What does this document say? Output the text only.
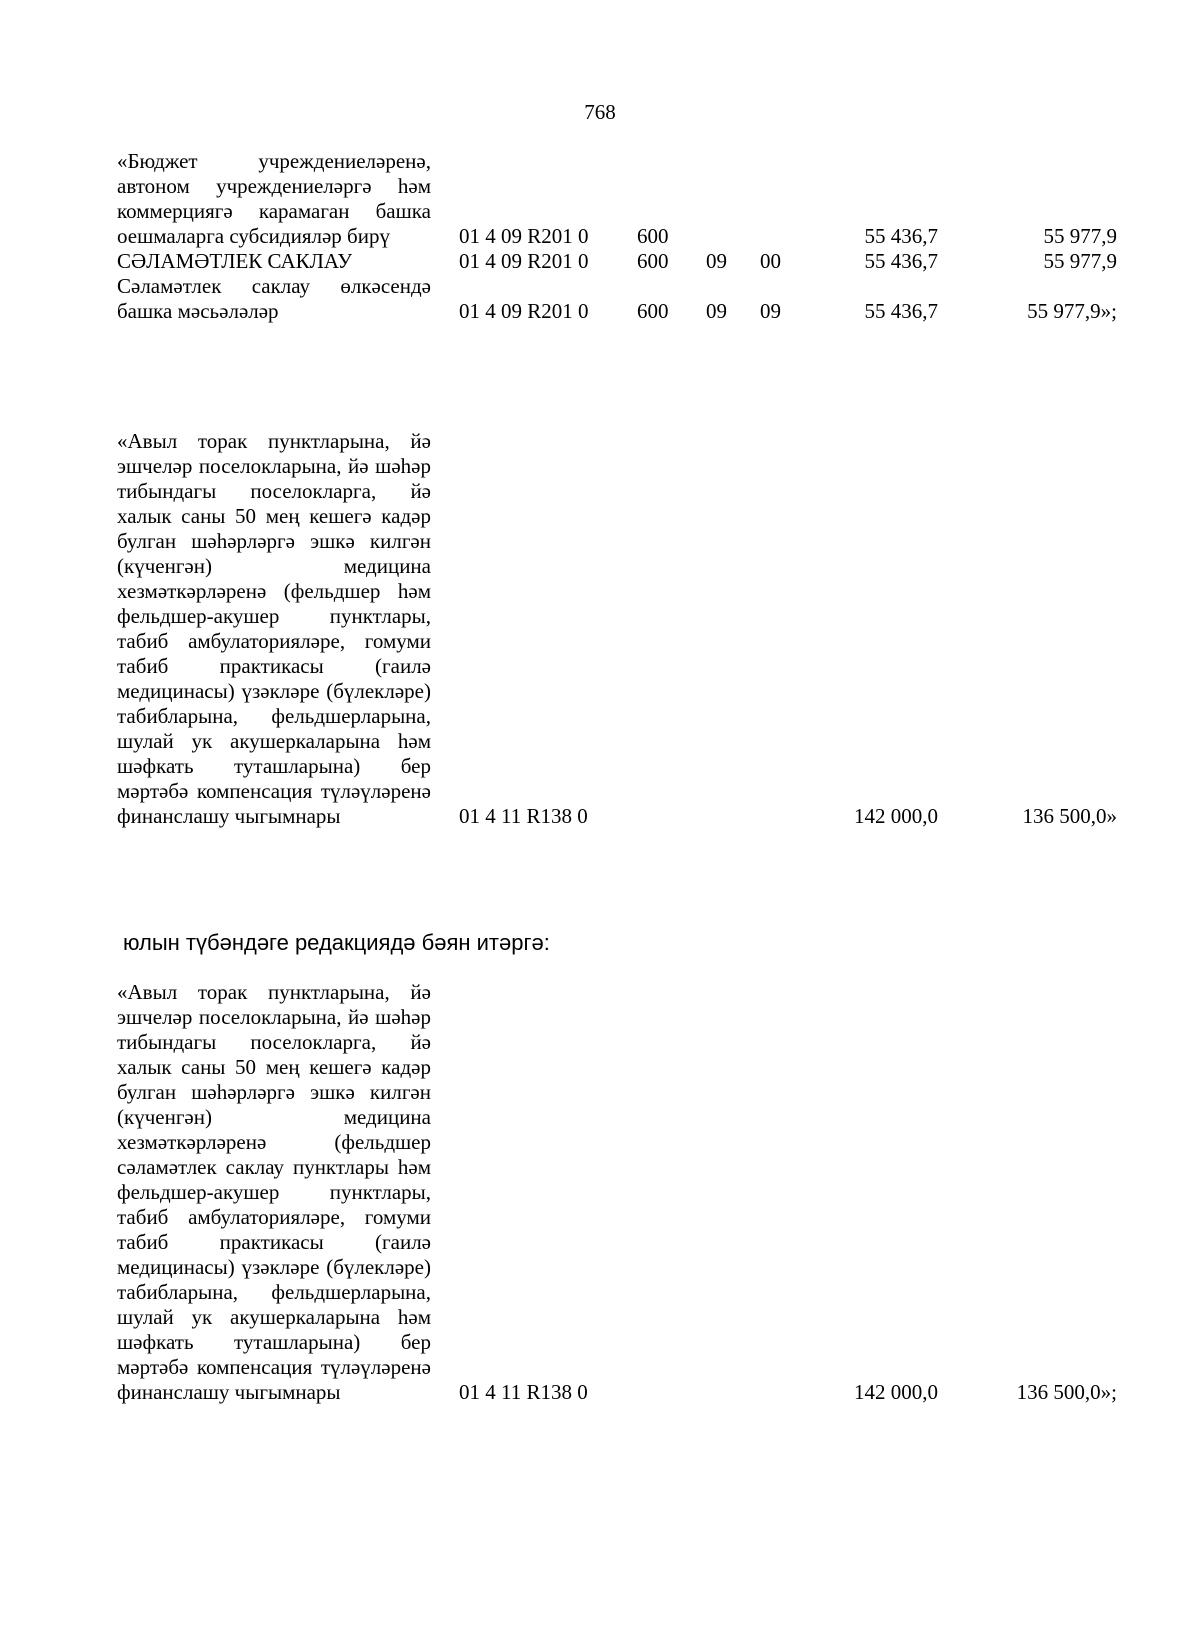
768
«Бюджет учреждениеләренә, автоном учреждениеләргә һәм коммерциягә карамаган башка оешмаларга субсидияләр бирү	01 4 09 R201 0 600	55 436,7	55 977,9
СӘЛАМӘТЛЕК САКЛАУ	01 4 09 R201 0 600 09 00	55 436,7	55 977,9
Сәламәтлек саклау өлкәсендә башка мәсьәләләр	01 4 09 R201 0 600 09 09	55 436,7	55 977,9»;
«Авыл торак пунктларына, йә эшчеләр поселокларына, йә шәһәр тибындагы поселокларга, йә халык саны 50 мең кешегә кадәр булган шәһәрләргә эшкә килгән (күченгән) медицина хезмәткәрләренә (фельдшер һәм фельдшер-акушер пунктлары, табиб амбулаторияләре, гомуми табиб практикасы (гаилә медицинасы) үзәкләре (бүлекләре) табибларына, фельдшерларына, шулай ук акушеркаларына һәм шәфкать туташларына) бер мәртәбә компенсация түләүләренә финанслашу чыгымнары	01 4 11 R138 0	142 000,0	136 500,0»
юлын түбәндәге редакциядә бәян итәргә:
«Авыл торак пунктларына, йә эшчеләр поселокларына, йә шәһәр тибындагы поселокларга, йә халык саны 50 мең кешегә кадәр булган шәһәрләргә эшкә килгән (күченгән) медицина хезмәткәрләренә (фельдшер сәламәтлек саклау пунктлары һәм фельдшер-акушер пунктлары, табиб амбулаторияләре, гомуми табиб практикасы (гаилә медицинасы) үзәкләре (бүлекләре) табибларына, фельдшерларына, шулай ук акушеркаларына һәм шәфкать туташларына) бер мәртәбә компенсация түләүләренә финанслашу чыгымнары	01 4 11 R138 0	142 000,0	136 500,0»;
